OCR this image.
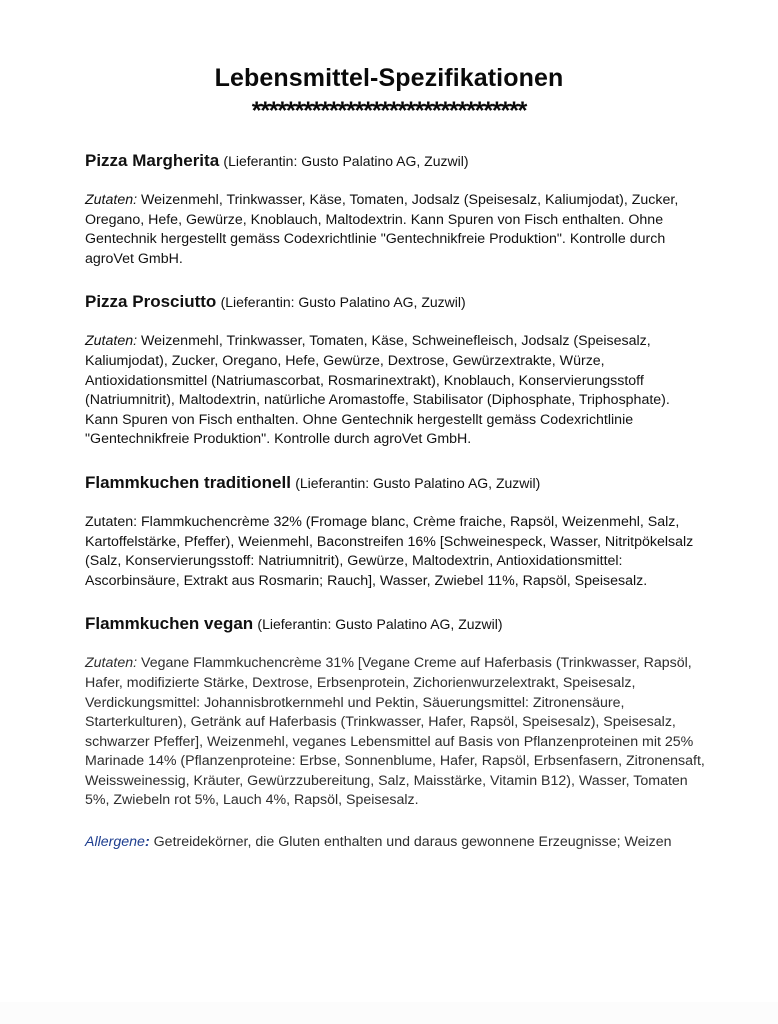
Lebensmittel-Spezifikationen
********************************

Pizza Margherita (Lieferantin: Gusto Palatino AG, Zuzwil)

Zutaten: Weizenmehl, Trinkwasser, Käse, Tomaten, Jodsalz (Speisesalz, Kaliumjodat), Zucker, Oregano, Hefe, Gewürze, Knoblauch, Maltodextrin. Kann Spuren von Fisch enthalten. Ohne Gentechnik hergestellt gemäss Codexrichtlinie "Gentechnikfreie Produktion". Kontrolle durch agroVet GmbH.

Pizza Prosciutto (Lieferantin: Gusto Palatino AG, Zuzwil)

Zutaten: Weizenmehl, Trinkwasser, Tomaten, Käse, Schweinefleisch, Jodsalz (Speisesalz, Kaliumjodat), Zucker, Oregano, Hefe, Gewürze, Dextrose, Gewürzextrakte, Würze, Antioxidationsmittel (Natriumascorbat, Rosmarinextrakt), Knoblauch, Konservierungsstoff (Natriumnitrit), Maltodextrin, natürliche Aromastoffe, Stabilisator (Diphosphate, Triphosphate). Kann Spuren von Fisch enthalten. Ohne Gentechnik hergestellt gemäss Codexrichtlinie "Gentechnikfreie Produktion". Kontrolle durch agroVet GmbH.

Flammkuchen traditionell (Lieferantin: Gusto Palatino AG, Zuzwil)

Zutaten: Flammkuchencrème 32% (Fromage blanc, Crème fraiche, Rapsöl, Weizenmehl, Salz, Kartoffelstärke, Pfeffer), Weienmehl, Baconstreifen 16% [Schweinespeck, Wasser, Nitritpökelsalz (Salz, Konservierungsstoff: Natriumnitrit), Gewürze, Maltodextrin, Antioxidationsmittel: Ascorbinsäure, Extrakt aus Rosmarin; Rauch], Wasser, Zwiebel 11%, Rapsöl, Speisesalz.

Flammkuchen vegan (Lieferantin: Gusto Palatino AG, Zuzwil)

Zutaten: Vegane Flammkuchencrème 31% [Vegane Creme auf Haferbasis (Trinkwasser, Rapsöl, Hafer, modifizierte Stärke, Dextrose, Erbsenprotein, Zichorienwurzelextrakt, Speisesalz, Verdickungsmittel: Johannisbrotkernmehl und Pektin, Säuerungsmittel: Zitronensäure, Starterkulturen), Getränk auf Haferbasis (Trinkwasser, Hafer, Rapsöl, Speisesalz), Speisesalz, schwarzer Pfeffer], Weizenmehl, veganes Lebensmittel auf Basis von Pflanzenproteinen mit 25% Marinade 14% (Pflanzenproteine: Erbse, Sonnenblume, Hafer, Rapsöl, Erbsenfasern, Zitronensaft, Weissweinessig, Kräuter, Gewürzzubereitung, Salz, Maisstärke, Vitamin B12), Wasser, Tomaten 5%, Zwiebeln rot 5%, Lauch 4%, Rapsöl, Speisesalz.

Allergene: Getreidekörner, die Gluten enthalten und daraus gewonnene Erzeugnisse; Weizen
